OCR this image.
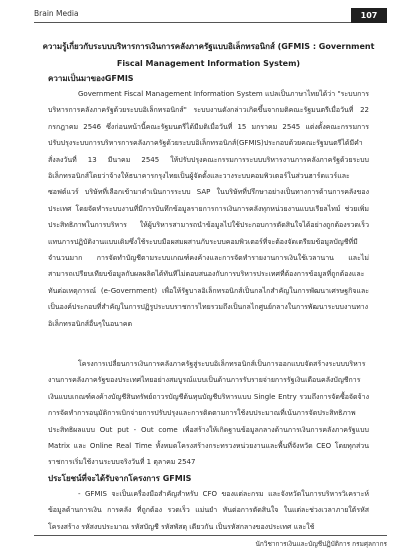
Brain Media	107
ความรู้เกี่ยวกับระบบบริหารการเงินการคลังภาครัฐแบบอิเล็กทรอนิกส์ (GFMIS : Government
Fiscal Management Information System)
ความเป็นมาของGFMIS
Government Fiscal Management Information System แปลเป็นภาษาไทยได้ว่า "ระบบการบริหารการคลังภาครัฐด้วยระบบอิเล็กทรอนิกส์" ระบบงานดังกล่าวเกิดขึ้นจากมติคณะรัฐมนตรีเมื่อวันที่ 22 กรกฎาคม 2546 ซึ่งก่อนหน้านี้คณะรัฐมนตรีได้มีมติเมื่อวันที่ 15 มกราคม 2545 แต่งตั้งคณะกรรมการปรับปรุงระบบการบริหารการคลังภาครัฐด้วยระบบอิเล็กทรอนิกส์(GFMIS)ประกอบด้วยคณะรัฐมนตรีได้มีคำสั่งลงวันที่ 13 มีนาคม 2545 ให้ปรับปรุงคณะกรรมการระบบบริหารงานการคลังภาครัฐด้วยระบบอิเล็กทรอนิกส์โดยว่าจ้างให้ธนาคารกรุงไทยเป็นผู้จัดตั้งและวางระบบคอมพิวเตอร์ในส่วนฮาร์ดแวร์และซอฟต์แวร์ บริษัทที่เลือกเข้ามาดำเนินการระบบ SAP ในบริษัทที่ปรึกษาอย่างเป็นทางการด้านการคลังของประเทศ โดยจัดทำระบบงานที่มีการบันทึกข้อมูลรายการการเงินการคลังทุกหน่วยงานแบบเรียลไทม์ ช่วยเพิ่มประสิทธิภาพในการบริหาร ให้ผู้บริหารสามารถนำข้อมูลไปใช้ประกอบการตัดสินใจได้อย่างถูกต้องรวดเร็ว แทนการปฏิบัติงานแบบเดิมซึ่งใช้ระบบมือผสมผสานกับระบบคอมพิวเตอร์ที่จะต้องจัดเตรียมข้อมูลบัญชีที่มีจำนวนมาก การจัดทำบัญชีตามระบบเกณฑ์คงค้างและการจัดทำรายงานการเงินใช้เวลานาน และไม่สามารถเปรียบเทียบข้อมูลกับผลผลิตได้ทันทีไม่ตอบสนองกับการบริหารประเทศที่ต้องการข้อมูลที่ถูกต้องและทันต่อเหตุการณ์ (e-Government) เพื่อให้รัฐบาลอิเล็กทรอนิกส์เป็นกลไกสำคัญในการพัฒนาเศรษฐกิจและเป็นองค์ประกอบที่สำคัญในการปฏิรูประบบราชการไทยรวมถึงเป็นกลไกศูนย์กลางในการพัฒนาระบบงานทางอิเล็กทรอนิกส์อื่นๆในอนาคต
โครงการเปลี่ยนการเงินการคลังภาครัฐสู่ระบบอิเล็กทรอนิกส์เป็นการออกแบบจัดสร้างระบบบริหารงานการคลังภาครัฐของประเทศไทยอย่างสมบูรณ์แบบเป็นด้านการรับรายจ่ายการรัฐเงินเดือนคลังบัญชีการเงินแบบเกณฑ์คงค้างบัญชีสินทรัพย์ถาวรบัญชีต้นทุนบัญชีบริหารแบบ Single Entry รวมถึงการจัดซื้อจัดจ้างการจัดทำการอนุมัติการเบิกจ่ายการปรับปรุงและการติดตามการใช้งบประมาณที่เน้นการจัดประสิทธิภาพประสิทธิผลแบบ Out put - Out come เพื่อสร้างให้เกิดฐานข้อมูลกลางด้านการเงินการคลังภาครัฐแบบ Matrix และ Online Real Time ทั้งหมดโครงสร้างกระทรวงหน่วยงานและพื้นที่จังหวัด CEO โดยทุกส่วนราชการเริ่มใช้งานระบบจริงวันที่ 1 ตุลาคม 2547
ประโยชน์ที่จะได้รับจากโครงการ GFMIS
- GFMIS จะเป็นเครื่องมือสำคัญสำหรับ CFO ของแต่ละกรม และจังหวัดในการบริหารวิเคราะห์ข้อมูลด้านการเงิน การคลัง ที่ถูกต้อง รวดเร็ว แม่นยำ ทันต่อการตัดสินใจ ในแต่ละช่วงเวลาภายใต้รหัสโครงสร้าง รหัสงบประมาณ รหัสบัญชี รหัสพัสดุ เดียวกัน เป็นรหัสกลางของประเทศ และใช้
นักวิชาการเงินและบัญชีปฏิบัติการ กรมศุลกากร
